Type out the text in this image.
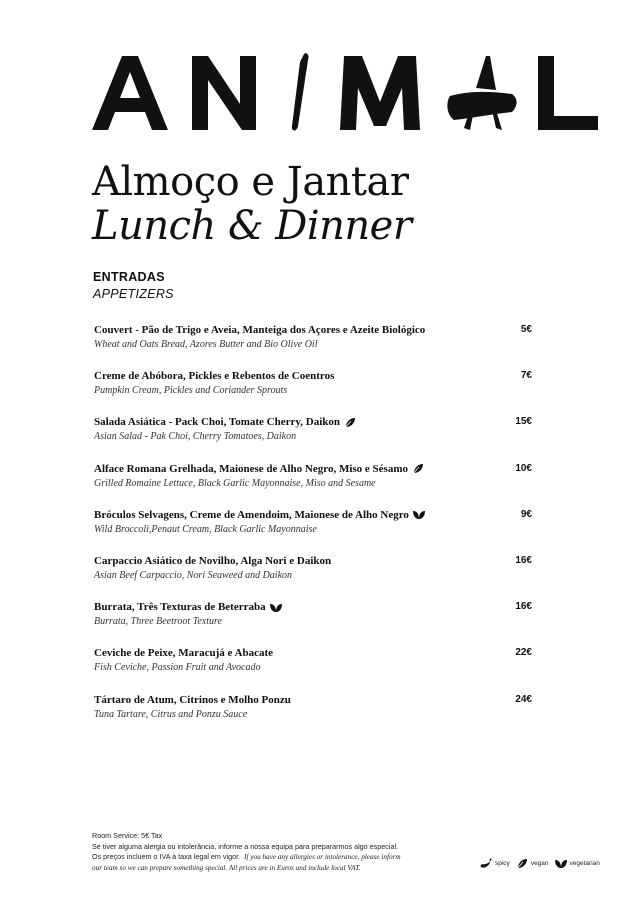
Almoço e Jantar
Lunch & Dinner
ENTRADAS
APPETIZERS
Couvert - Pão de Trigo e Aveia, Manteiga dos Açores e Azeite Biológico
Wheat and Oats Bread, Azores Butter and Bio Olive Oil
5€
Creme de Abóbora, Pickles e Rebentos de Coentros
Pumpkin Cream, Pickles and Coriander Sprouts
7€
Salada Asiática - Pack Choi, Tomate Cherry, Daikon
Asian Salad - Pak Choi, Cherry Tomatoes, Daikon
15€
Alface Romana Grelhada, Maionese de Alho Negro, Miso e Sésamo
Grilled Romaine Lettuce, Black Garlic Mayonnaise, Miso and Sesame
10€
Bróculos Selvagens, Creme de Amendoim, Maionese de Alho Negro
Wild Broccoli,Penaut Cream, Black Garlic Mayonnaise
9€
Carpaccio Asiático de Novilho, Alga Nori e Daikon
Asian Beef Carpaccio, Nori Seaweed and Daikon
16€
Burrata, Três Texturas de Beterraba
Burrata, Three Beetroot Texture
16€
Ceviche de Peixe, Maracujá e Abacate
Fish Ceviche, Passion Fruit and Avocado
22€
Tártaro de Atum, Citrinos e Molho Ponzu
Tuna Tartare, Citrus and Ponzu Sauce
24€
Room Service: 5€ Tax
Se tiver alguma alergia ou intolerância, informe a nossa equipa para prepararmos algo especial.
Os preços incluem o IVA à taxa legal em vigor. If you have any allergies or intolerance, please inform
our team so we can prepare something special. All prices are in Euros and include local VAT.	spicy	vegan	vegetarian
